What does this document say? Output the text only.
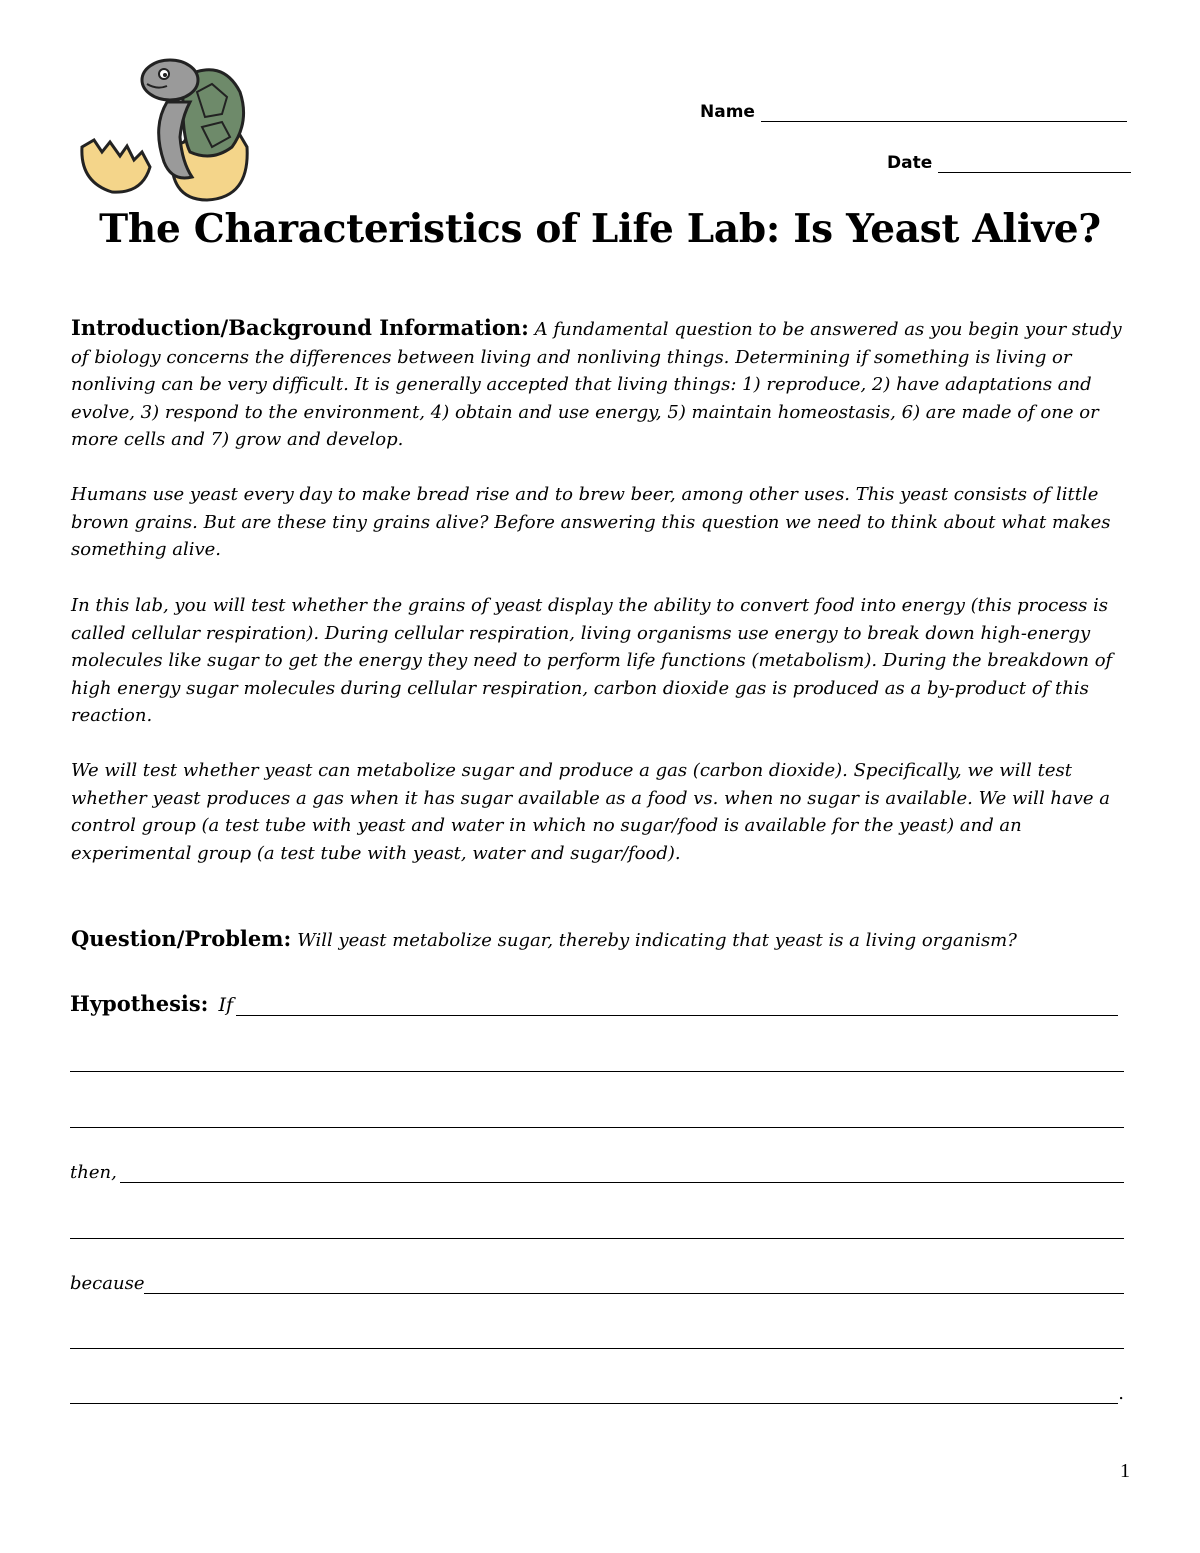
Name
Date
The Characteristics of Life Lab: Is Yeast Alive?
Introduction/Background Information: A fundamental question to be answered as you begin your study of biology concerns the differences between living and nonliving things. Determining if something is living or nonliving can be very difficult. It is generally accepted that living things: 1) reproduce, 2) have adaptations and evolve, 3) respond to the environment, 4) obtain and use energy, 5) maintain homeostasis, 6) are made of one or more cells and 7) grow and develop.
Humans use yeast every day to make bread rise and to brew beer, among other uses. This yeast consists of little brown grains. But are these tiny grains alive? Before answering this question we need to think about what makes something alive.
In this lab, you will test whether the grains of yeast display the ability to convert food into energy (this process is called cellular respiration). During cellular respiration, living organisms use energy to break down high-energy molecules like sugar to get the energy they need to perform life functions (metabolism). During the breakdown of high energy sugar molecules during cellular respiration, carbon dioxide gas is produced as a by-product of this reaction.
We will test whether yeast can metabolize sugar and produce a gas (carbon dioxide). Specifically, we will test whether yeast produces a gas when it has sugar available as a food vs. when no sugar is available. We will have a control group (a test tube with yeast and water in which no sugar/food is available for the yeast) and an experimental group (a test tube with yeast, water and sugar/food).
Question/Problem: Will yeast metabolize sugar, thereby indicating that yeast is a living organism?
Hypothesis: If
then,
because
.
1
